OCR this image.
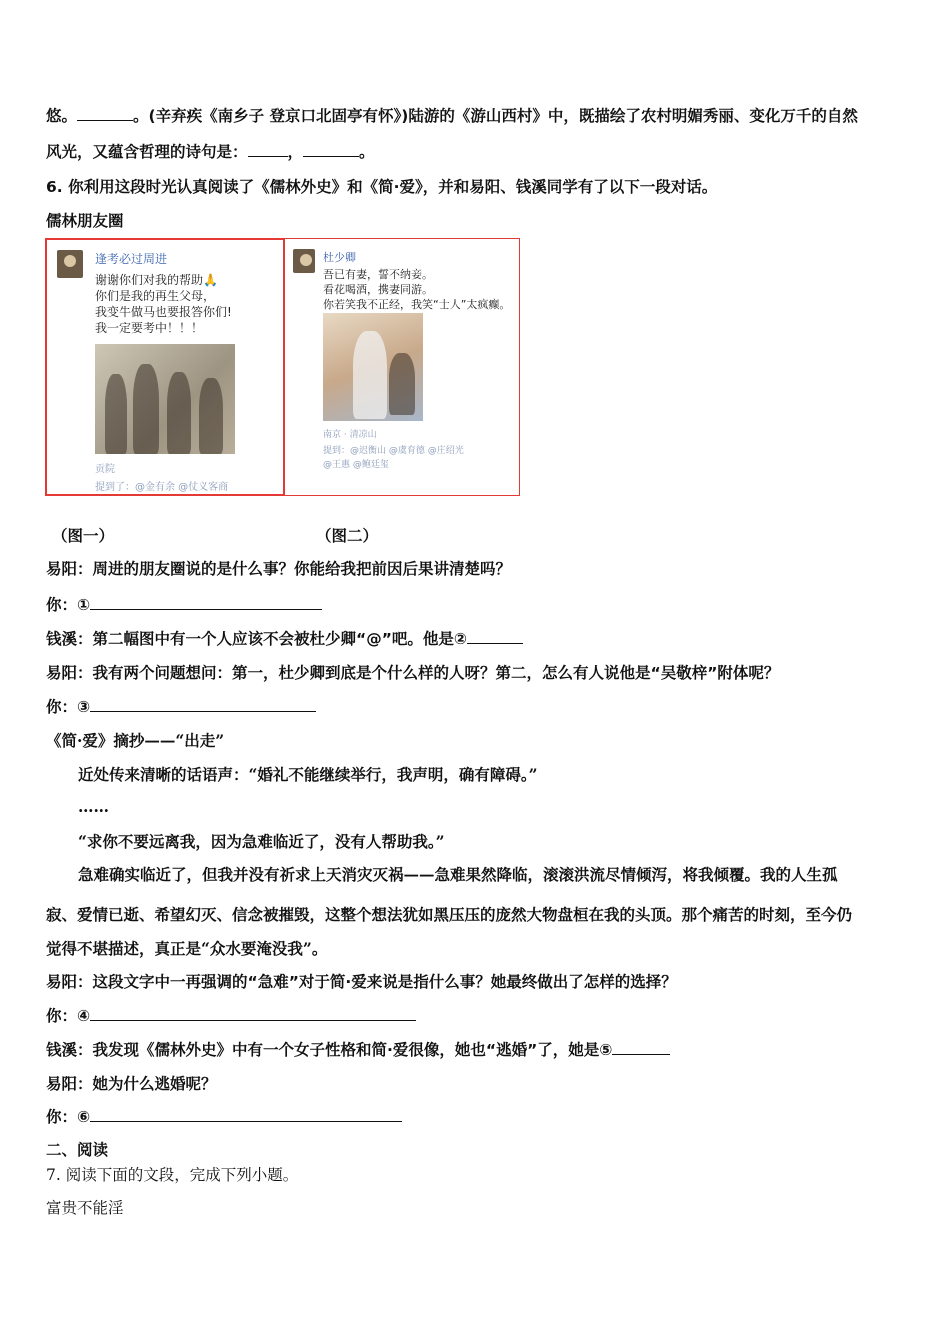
悠。	。(辛弃疾《南乡子 登京口北固亭有怀》)陆游的《游山西村》中，既描绘了农村明媚秀丽、变化万千的自然
风光，又蕴含哲理的诗句是：	，	。
6. 你利用这段时光认真阅读了《儒林外史》和《简·爱》，并和易阳、钱溪同学有了以下一段对话。
儒林朋友圈
逢考必过周进
谢谢你们对我的帮助🙏
你们是我的再生父母，
我变牛做马也要报答你们!
我一定要考中！！！
贡院
提到了：@金有余 @仗义客商
杜少卿
吾已有妻，誓不纳妾。
看花喝酒，携妻同游。
你若笑我不正经，我笑“士人”太疯癫。
南京 · 清凉山
提到：@迟衡山 @虞育德 @庄绍光
@王惠 @鲍廷玺
（图一）	（图二）
易阳：周进的朋友圈说的是什么事？你能给我把前因后果讲清楚吗？
你：①
钱溪：第二幅图中有一个人应该不会被杜少卿“@”吧。他是②
易阳：我有两个问题想问：第一，杜少卿到底是个什么样的人呀？第二，怎么有人说他是“吴敬梓”附体呢？
你：③
《简·爱》摘抄——“出走”
近处传来清晰的话语声：“婚礼不能继续举行，我声明，确有障碍。”
……
“求你不要远离我，因为急难临近了，没有人帮助我。”
急难确实临近了，但我并没有祈求上天消灾灭祸——急难果然降临，滚滚洪流尽情倾泻，将我倾覆。我的人生孤
寂、爱情已逝、希望幻灭、信念被摧毁，这整个想法犹如黑压压的庞然大物盘桓在我的头顶。那个痛苦的时刻，至今仍
觉得不堪描述，真正是“众水要淹没我”。
易阳：这段文字中一再强调的“急难”对于简·爱来说是指什么事？她最终做出了怎样的选择？
你：④
钱溪：我发现《儒林外史》中有一个女子性格和简·爱很像，她也“逃婚”了，她是⑤
易阳：她为什么逃婚呢？
你：⑥
二、阅读
7. 阅读下面的文段，完成下列小题。
富贵不能淫
